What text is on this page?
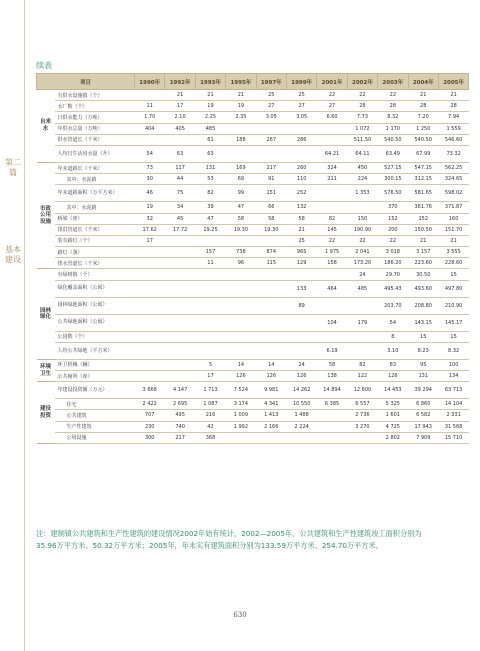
第二篇
基本建设
续表
项目		1990年	1992年	1993年	1995年	1997年	1999年	2001年	2002年	2003年	2004年	2005年
自来水	有供水设施镇（个）		21	21	21	25	25	22	22	22	21	21
	水厂数（个）	11	17	19	19	27	27	27	28	28	28	28
	日供水能力（万吨）	1.70	2.10	2.25	2.35	3.05	3.05	6.60	7.73	8.32	7.20	7.94
	年供水总量（万吨）	404	405	485					1 072	1 170	1 250	1 559
	供水管道长（千米）			61	188	267	286		511.50	540.50	540.50	546.60
	人均日生活用水量（升）	54	63	63				64.21	64.11	63.49	67.99	73.32
市政公用设施	年末道路长（千米）	73	117	131	169	217	260	324	450	527.15	547.15	562.25
	其中：水泥路	30	44	53	69	91	110	211	224	300.15	312.15	324.65
	年末道路面积（万平方米）	46	75	82	99	151	252		1 353	576.50	581.65	598.02
	其中：水泥路	19	34	39	47	66	132			370	361.76	371.87
	桥梁（座）	32	45	47	58	58	58	82	150	152	152	160
	排洪管道长（千米）	17.62	17.72	19.25	19.30	19.30	21	145	190.90	200	150.50	151.70
	装有路灯（个）	17					25	22	22	22	21	21
	路灯（盏）			157	738	874	965	1 975	2 041	3 018	3 157	3 555
	排水管道长（千米）			11	96	115	129	158	173.20	186.20	223.60	228.60
园林绿化	有绿树镇（个）								24	29.70	30.50	15
	绿化覆盖面积（公顷）						133	464	485	495.43	493.60	497.80
	园林绿地面积（公顷）						89			203.70	208.80	210.90
	公共绿地面积（公顷）							104	179	54	143.15	145.17
	公园数（个）									8	15	15
	人均公共绿地（平方米）							6.19		3.10	8.23	8.32
环境卫生	环卫机械（辆）			5	14	14	24	58	82	83	95	100
	公共厕所（座）			17	126	126	126	138	122	126	131	134
建设投资	年建设投资额（万元）	3 668	4 147	1 713	7 524	9 981	14 262	14 894	12 600	14 453	39 294	63 713
	住宅	2 422	2 695	1 087	3 174	4 341	10 550	6 385	6 557	5 325	6 860	14 104
	公共建筑	707	495	216	1 009	1 413	1 488		2 736	1 601	6 582	2 331
	生产性建筑	230	740	42	1 992	2 166	2 224		3 270	4 725	17 943	31 568
	公用设施	300	217	368						2 802	7 909	15 710

注：建制镇公共建筑和生产性建筑的建设情况2002年始有统计。2002—2005年，公共建筑和生产性建筑竣工面积分别为35.96万平方米、50.32万平方米；2005年，年末实有建筑面积分别为133.59万平方米、254.70万平方米。

630
